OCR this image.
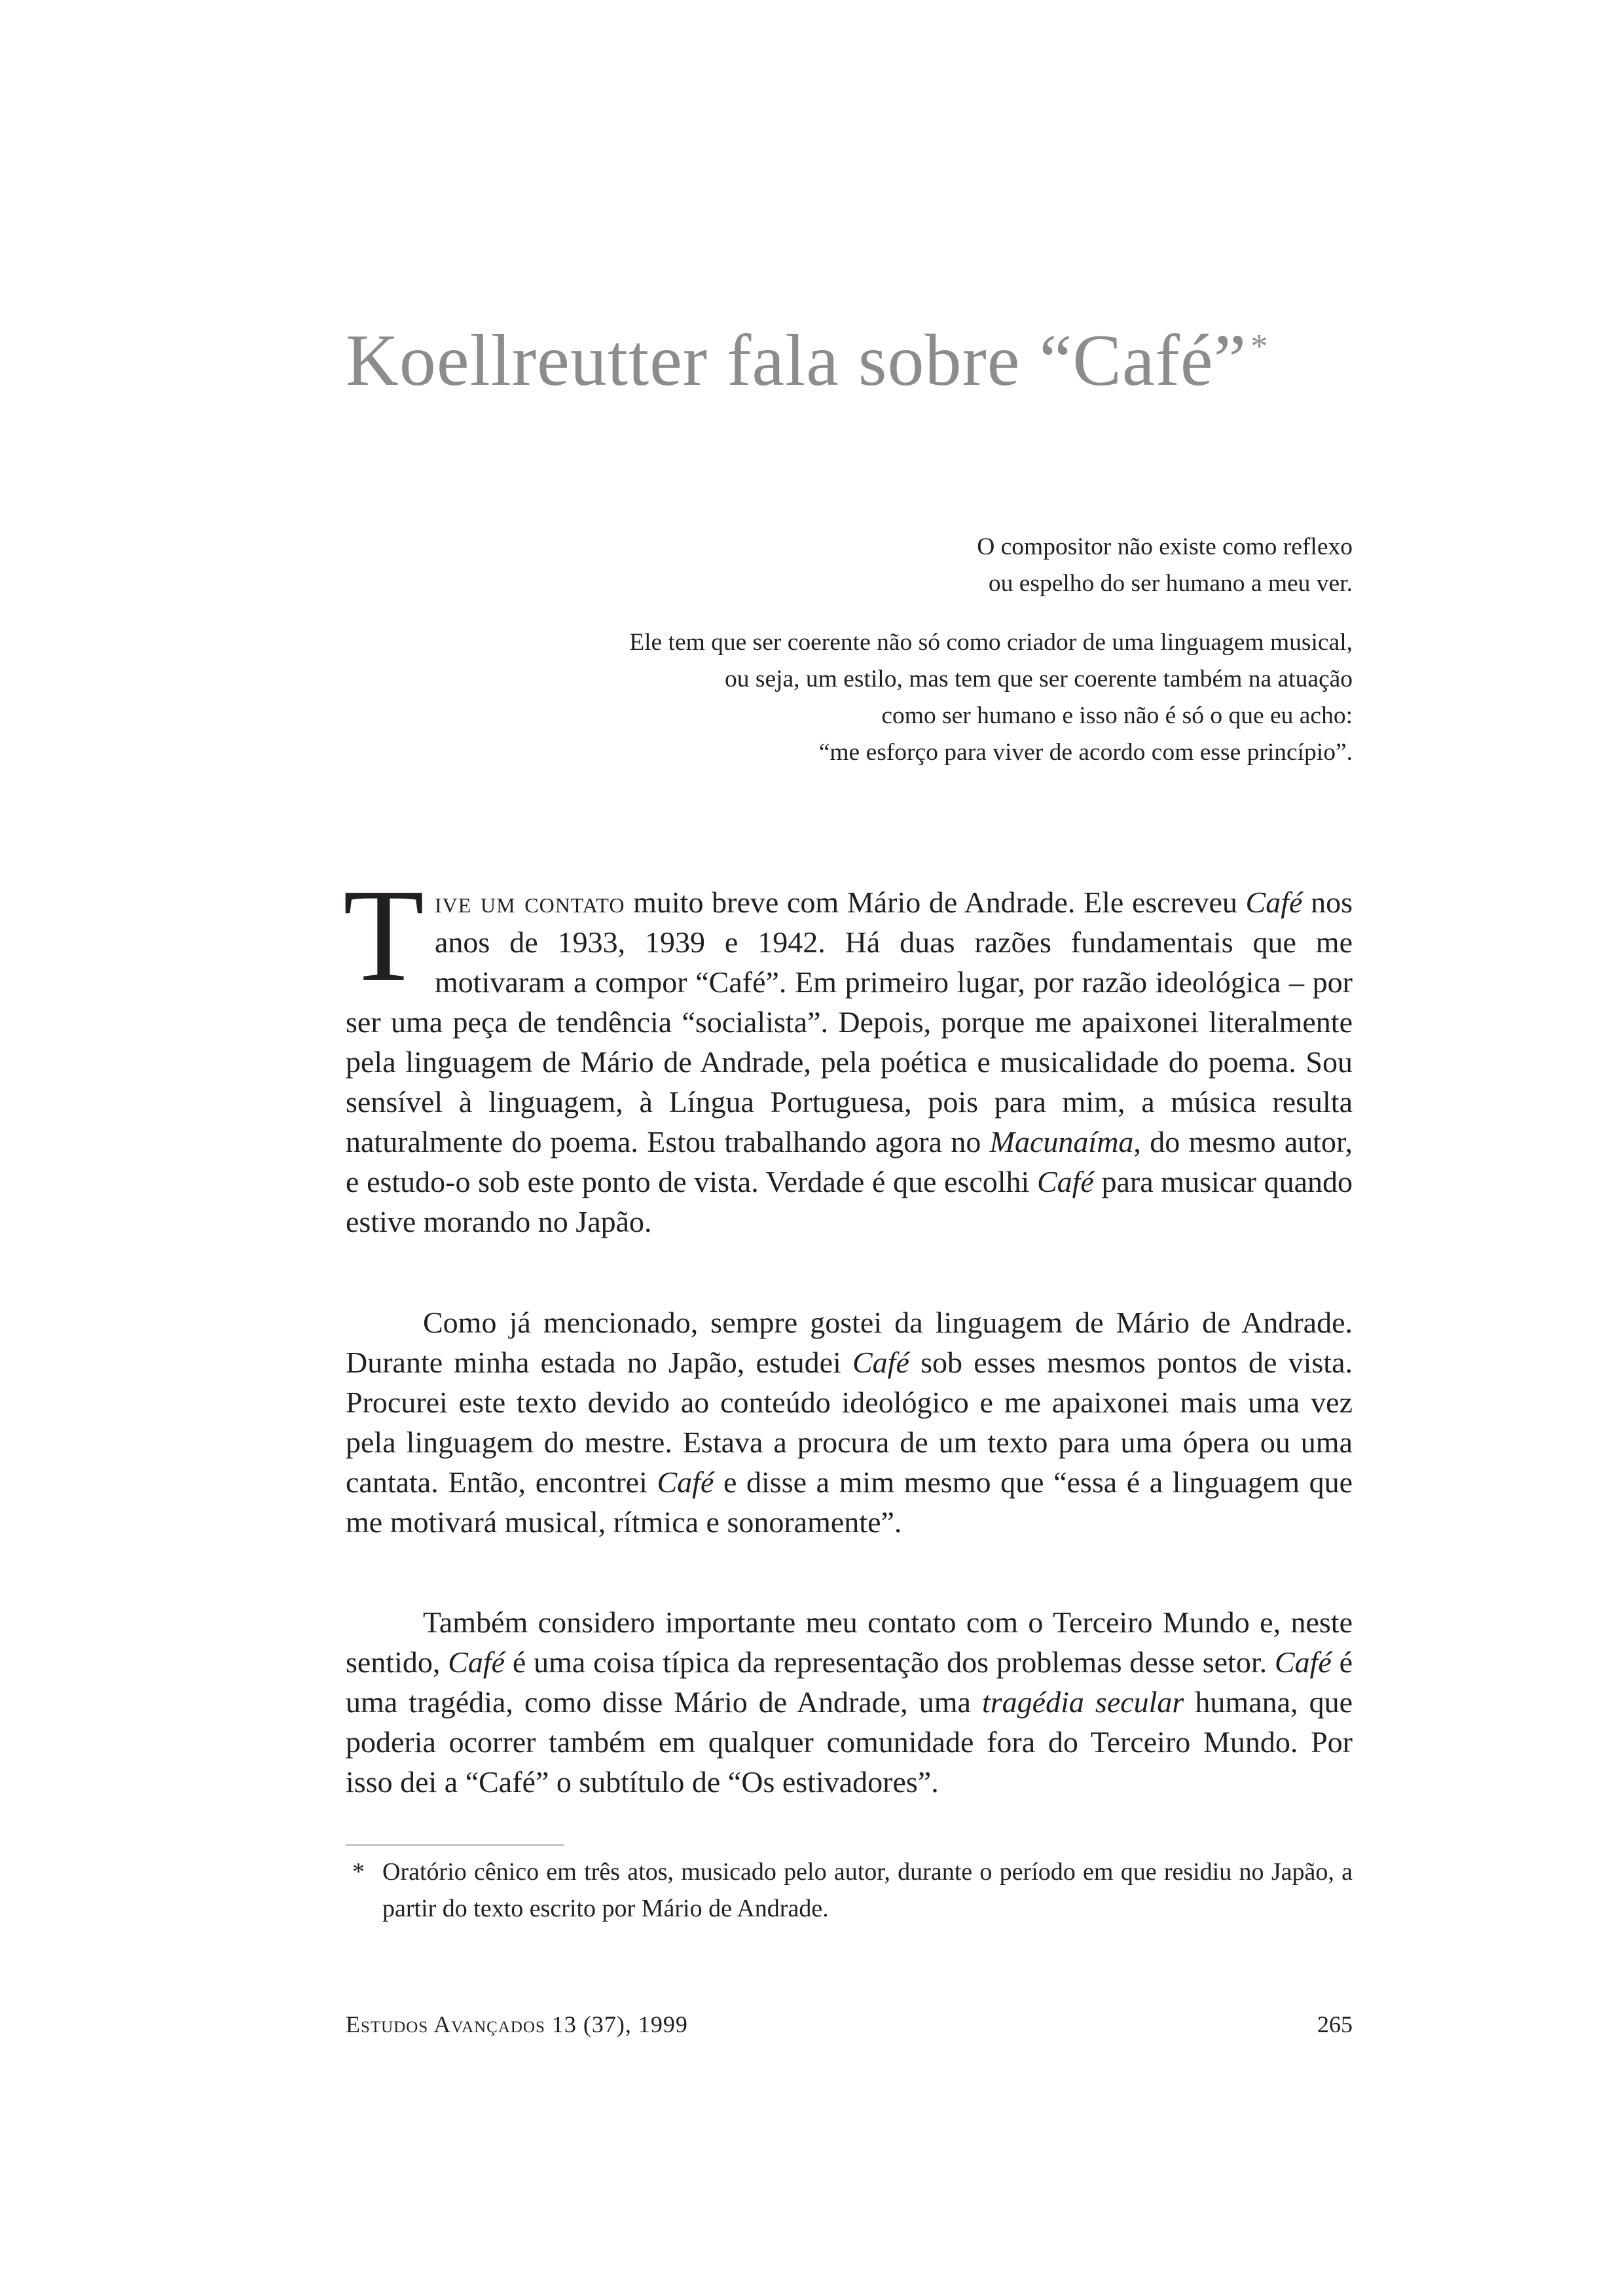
Koellreutter fala sobre “Café” *
O compositor não existe como reflexo
ou espelho do ser humano a meu ver.
Ele tem que ser coerente não só como criador de uma linguagem musical,
ou seja, um estilo, mas tem que ser coerente também na atuação
como ser humano e isso não é só o que eu acho:
“me esforço para viver de acordo com esse princípio”.

Tive um contato muito breve com Mário de Andrade. Ele escreveu Café nos anos de 1933, 1939 e 1942. Há duas razões fundamentais que me motivaram a compor “Café”. Em primeiro lugar, por razão ideológica – por ser uma peça de tendência “socialista”. Depois, porque me apaixonei literalmente pela linguagem de Mário de Andrade, pela poética e musicalidade do poema. Sou sensível à linguagem, à Língua Portuguesa, pois para mim, a música resulta naturalmente do poema. Estou trabalhando agora no Macunaíma, do mesmo autor, e estudo-o sob este ponto de vista. Verdade é que escolhi Café para musicar quando estive morando no Japão.

Como já mencionado, sempre gostei da linguagem de Mário de Andrade. Durante minha estada no Japão, estudei Café sob esses mesmos pontos de vista. Procurei este texto devido ao conteúdo ideológico e me apaixonei mais uma vez pela linguagem do mestre. Estava a procura de um texto para uma ópera ou uma cantata. Então, encontrei Café e disse a mim mesmo que “essa é a linguagem que me motivará musical, rítmica e sonoramente”.

Também considero importante meu contato com o Terceiro Mundo e, neste sentido, Café é uma coisa típica da representação dos problemas desse setor. Café é uma tragédia, como disse Mário de Andrade, uma tragédia secular humana, que poderia ocorrer também em qualquer comunidade fora do Terceiro Mundo. Por isso dei a “Café” o subtítulo de “Os estivadores”.

* Oratório cênico em três atos, musicado pelo autor, durante o período em que residiu no Japão, a partir do texto escrito por Mário de Andrade.
Estudos Avançados 13 (37), 1999	265
